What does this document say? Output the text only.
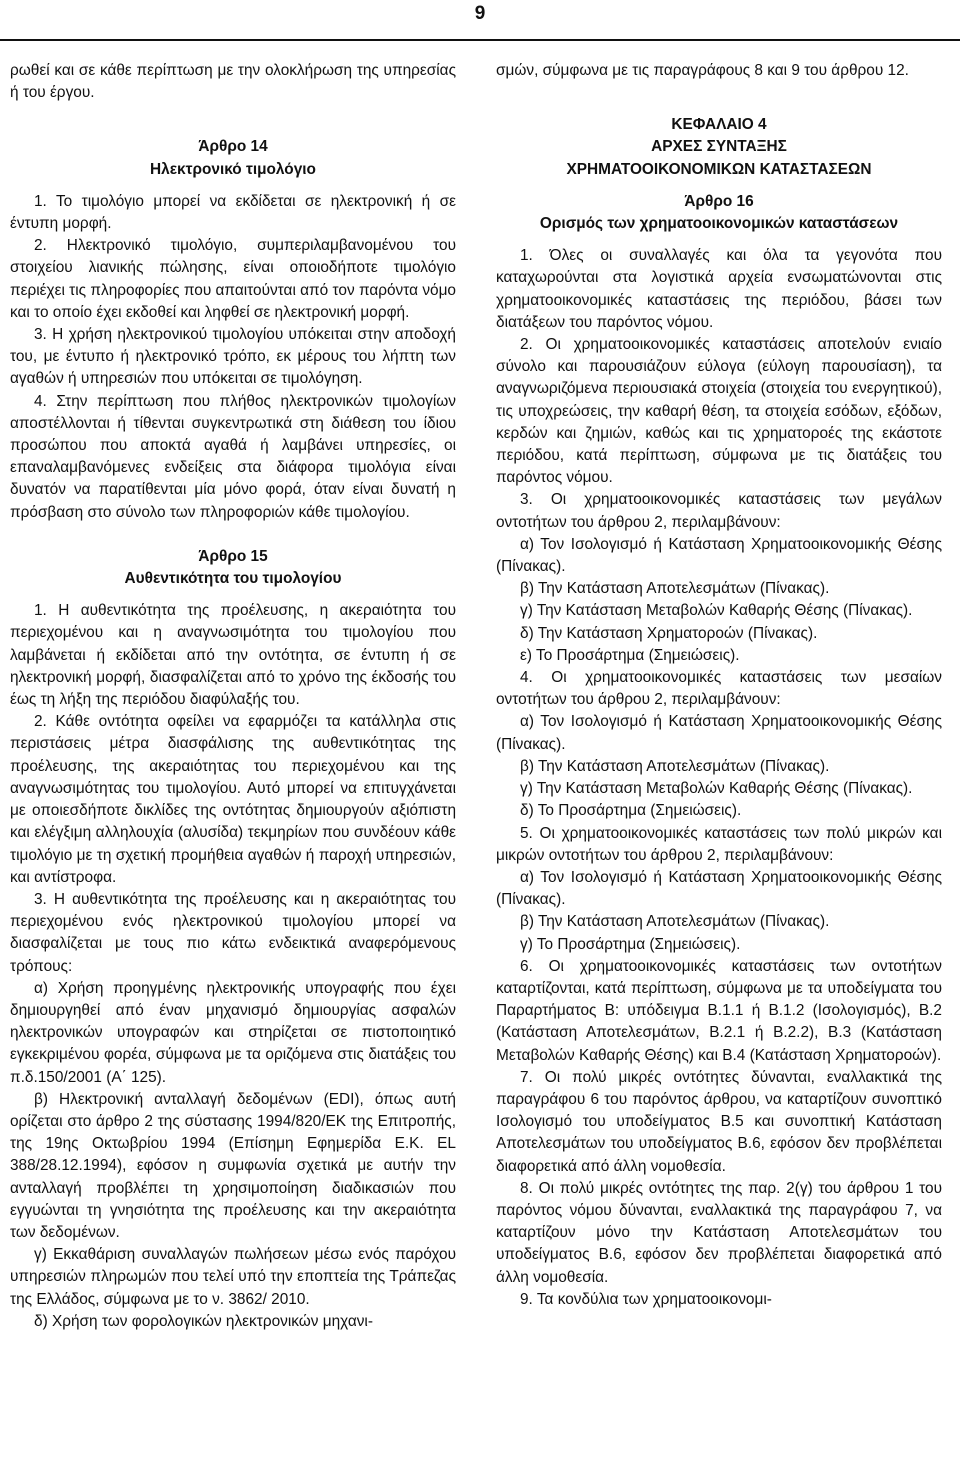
9

ρωθεί και σε κάθε περίπτωση με την ολοκλήρωση της υπηρεσίας ή του έργου.

Άρθρο 14

Ηλεκτρονικό τιμολόγιο

1. Το τιμολόγιο μπορεί να εκδίδεται σε ηλεκτρονική ή σε έντυπη μορφή.

2. Ηλεκτρονικό τιμολόγιο, συμπεριλαμβανομένου του στοιχείου λιανικής πώλησης, είναι οποιοδήποτε τιμολόγιο περιέχει τις πληροφορίες που απαιτούνται από τον παρόντα νόμο και το οποίο έχει εκδοθεί και ληφθεί σε ηλεκτρονική μορφή.

3. Η χρήση ηλεκτρονικού τιμολογίου υπόκειται στην αποδοχή του, με έντυπο ή ηλεκτρονικό τρόπο, εκ μέρους του λήπτη των αγαθών ή υπηρεσιών που υπόκειται σε τιμολόγηση.

4. Στην περίπτωση που πλήθος ηλεκτρονικών τιμολογίων αποστέλλονται ή τίθενται συγκεντρωτικά στη διάθεση του ίδιου προσώπου που αποκτά αγαθά ή λαμβάνει υπηρεσίες, οι επαναλαμβανόμενες ενδείξεις στα διάφορα τιμολόγια είναι δυνατόν να παρατίθενται μία μόνο φορά, όταν είναι δυνατή η πρόσβαση στο σύνολο των πληροφοριών κάθε τιμολογίου.

Άρθρο 15

Αυθεντικότητα του τιμολογίου

1. Η αυθεντικότητα της προέλευσης, η ακεραιότητα του περιεχομένου και η αναγνωσιμότητα του τιμολογίου που λαμβάνεται ή εκδίδεται από την οντότητα, σε έντυπη ή σε ηλεκτρονική μορφή, διασφαλίζεται από το χρόνο της έκδοσής του έως τη λήξη της περιόδου διαφύλαξής του.

2. Κάθε οντότητα οφείλει να εφαρμόζει τα κατάλληλα στις περιστάσεις μέτρα διασφάλισης της αυθεντικότητας της προέλευσης, της ακεραιότητας του περιεχομένου και της αναγνωσιμότητας του τιμολογίου. Αυτό μπορεί να επιτυγχάνεται με οποιεσδήποτε δικλίδες της οντότητας δημιουργούν αξιόπιστη και ελέγξιμη αλληλουχία (αλυσίδα) τεκμηρίων που συνδέουν κάθε τιμολόγιο με τη σχετική προμήθεια αγαθών ή παροχή υπηρεσιών, και αντίστροφα.

3. Η αυθεντικότητα της προέλευσης και η ακεραιότητας του περιεχομένου ενός ηλεκτρονικού τιμολογίου μπορεί να διασφαλίζεται με τους πιο κάτω ενδεικτικά αναφερόμενους τρόπους:

α) Χρήση προηγμένης ηλεκτρονικής υπογραφής που έχει δημιουργηθεί από έναν μηχανισμό δημιουργίας ασφαλών ηλεκτρονικών υπογραφών και στηρίζεται σε πιστοποιητικό εγκεκριμένου φορέα, σύμφωνα με τα οριζόμενα στις διατάξεις του π.δ.150/2001 (Α΄ 125).

β) Ηλεκτρονική ανταλλαγή δεδομένων (EDI), όπως αυτή ορίζεται στο άρθρο 2 της σύστασης 1994/820/ΕΚ της Επιτροπής, της 19ης Οκτωβρίου 1994 (Επίσημη Εφημερίδα Ε.Κ. EL 388/28.12.1994), εφόσον η συμφωνία σχετικά με αυτήν την ανταλλαγή προβλέπει τη χρησιμοποίηση διαδικασιών που εγγυώνται τη γνησιότητα της προέλευσης και την ακεραιότητα των δεδομένων.

γ) Εκκαθάριση συναλλαγών πωλήσεων μέσω ενός παρόχου υπηρεσιών πληρωμών που τελεί υπό την εποπτεία της Τράπεζας της Ελλάδος, σύμφωνα με το ν. 3862/ 2010.

δ) Χρήση των φορολογικών ηλεκτρονικών μηχανι-

σμών, σύμφωνα με τις παραγράφους 8 και 9 του άρθρου 12.

ΚΕΦΑΛΑΙΟ 4

ΑΡΧΕΣ ΣΥΝΤΑΞΗΣ

ΧΡΗΜΑΤΟΟΙΚΟΝΟΜΙΚΩΝ ΚΑΤΑΣΤΑΣΕΩΝ

Άρθρο 16

Ορισμός των χρηματοοικονομικών καταστάσεων

1. Όλες οι συναλλαγές και όλα τα γεγονότα που καταχωρούνται στα λογιστικά αρχεία ενσωματώνονται στις χρηματοοικονομικές καταστάσεις της περιόδου, βάσει των διατάξεων του παρόντος νόμου.

2. Οι χρηματοοικονομικές καταστάσεις αποτελούν ενιαίο σύνολο και παρουσιάζουν εύλογα (εύλογη παρουσίαση), τα αναγνωριζόμενα περιουσιακά στοιχεία (στοιχεία του ενεργητικού), τις υποχρεώσεις, την καθαρή θέση, τα στοιχεία εσόδων, εξόδων, κερδών και ζημιών, καθώς και τις χρηματοροές της εκάστοτε περιόδου, κατά περίπτωση, σύμφωνα με τις διατάξεις του παρόντος νόμου.

3. Οι χρηματοοικονομικές καταστάσεις των μεγάλων οντοτήτων του άρθρου 2, περιλαμβάνουν:

α) Τον Ισολογισμό ή Κατάσταση Χρηματοοικονομικής Θέσης (Πίνακας).

β) Την Κατάσταση Αποτελεσμάτων (Πίνακας).

γ) Την Κατάσταση Μεταβολών Καθαρής Θέσης (Πίνακας).

δ) Την Κατάσταση Χρηματοροών (Πίνακας).

ε) Το Προσάρτημα (Σημειώσεις).

4. Οι χρηματοοικονομικές καταστάσεις των μεσαίων οντοτήτων του άρθρου 2, περιλαμβάνουν:

α) Τον Ισολογισμό ή Κατάσταση Χρηματοοικονομικής Θέσης (Πίνακας).

β) Την Κατάσταση Αποτελεσμάτων (Πίνακας).

γ) Την Κατάσταση Μεταβολών Καθαρής Θέσης (Πίνακας).

δ) Το Προσάρτημα (Σημειώσεις).

5. Οι χρηματοοικονομικές καταστάσεις των πολύ μικρών και μικρών οντοτήτων του άρθρου 2, περιλαμβάνουν:

α) Τον Ισολογισμό ή Κατάσταση Χρηματοοικονομικής Θέσης (Πίνακας).

β) Την Κατάσταση Αποτελεσμάτων (Πίνακας).

γ) Το Προσάρτημα (Σημειώσεις).

6. Οι χρηματοοικονομικές καταστάσεις των οντοτήτων καταρτίζονται, κατά περίπτωση, σύμφωνα με τα υποδείγματα του Παραρτήματος Β: υπόδειγμα Β.1.1 ή Β.1.2 (Ισολογισμός), Β.2 (Κατάσταση Αποτελεσμάτων, Β.2.1 ή Β.2.2), Β.3 (Κατάσταση Μεταβολών Καθαρής Θέσης) και Β.4 (Κατάσταση Χρηματοροών).

7. Οι πολύ μικρές οντότητες δύνανται, εναλλακτικά της παραγράφου 6 του παρόντος άρθρου, να καταρτίζουν συνοπτικό Ισολογισμό του υποδείγματος Β.5 και συνοπτική Κατάσταση Αποτελεσμάτων του υποδείγματος Β.6, εφόσον δεν προβλέπεται διαφορετικά από άλλη νομοθεσία.

8. Οι πολύ μικρές οντότητες της παρ. 2(γ) του άρθρου 1 του παρόντος νόμου δύνανται, εναλλακτικά της παραγράφου 7, να καταρτίζουν μόνο την Κατάσταση Αποτελεσμάτων του υποδείγματος Β.6, εφόσον δεν προβλέπεται διαφορετικά από άλλη νομοθεσία.

9. Τα κονδύλια των χρηματοοικονομι-
